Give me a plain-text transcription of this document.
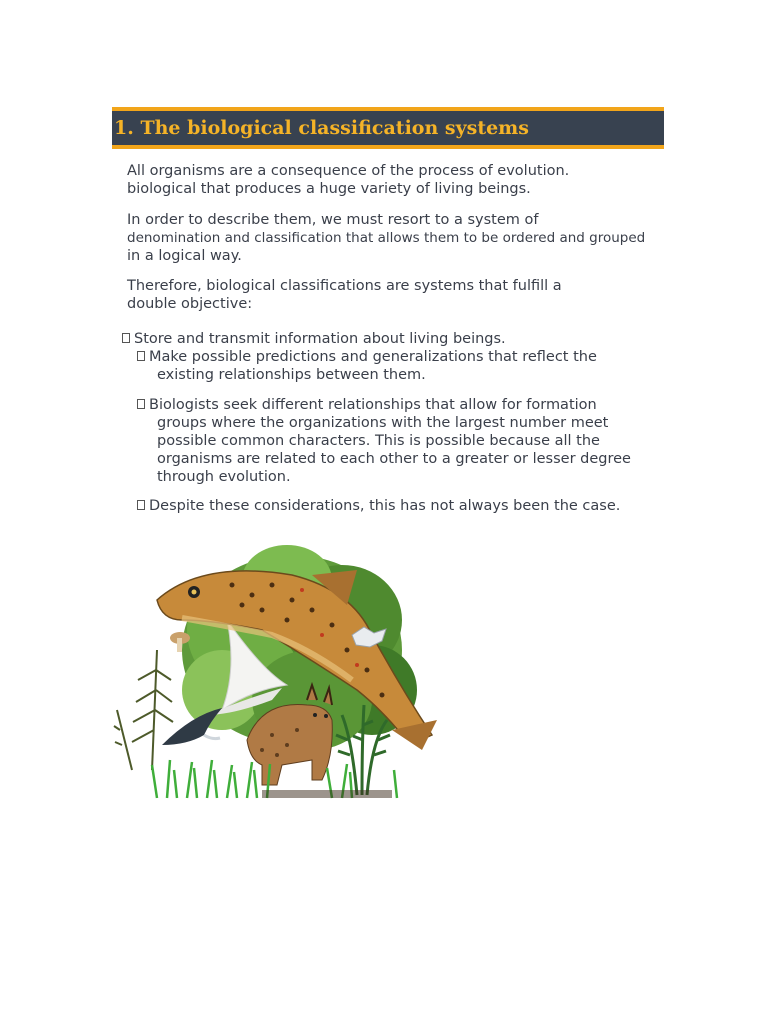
1. The biological classification systems

All organisms are a consequence of the process of evolution.
biological that produces a huge variety of living beings.

In order to describe them, we must resort to a system of
denomination and classification that allows them to be ordered and grouped
in a logical way.

Therefore, biological classifications are systems that fulfill a
double objective:

Store and transmit information about living beings.
Make possible predictions and generalizations that reflect the
existing relationships between them.
Biologists seek different relationships that allow for formation
groups where the organizations with the largest number meet
possible common characters. This is possible because all the
organisms are related to each other to a greater or lesser degree
through evolution.
Despite these considerations, this has not always been the case.
